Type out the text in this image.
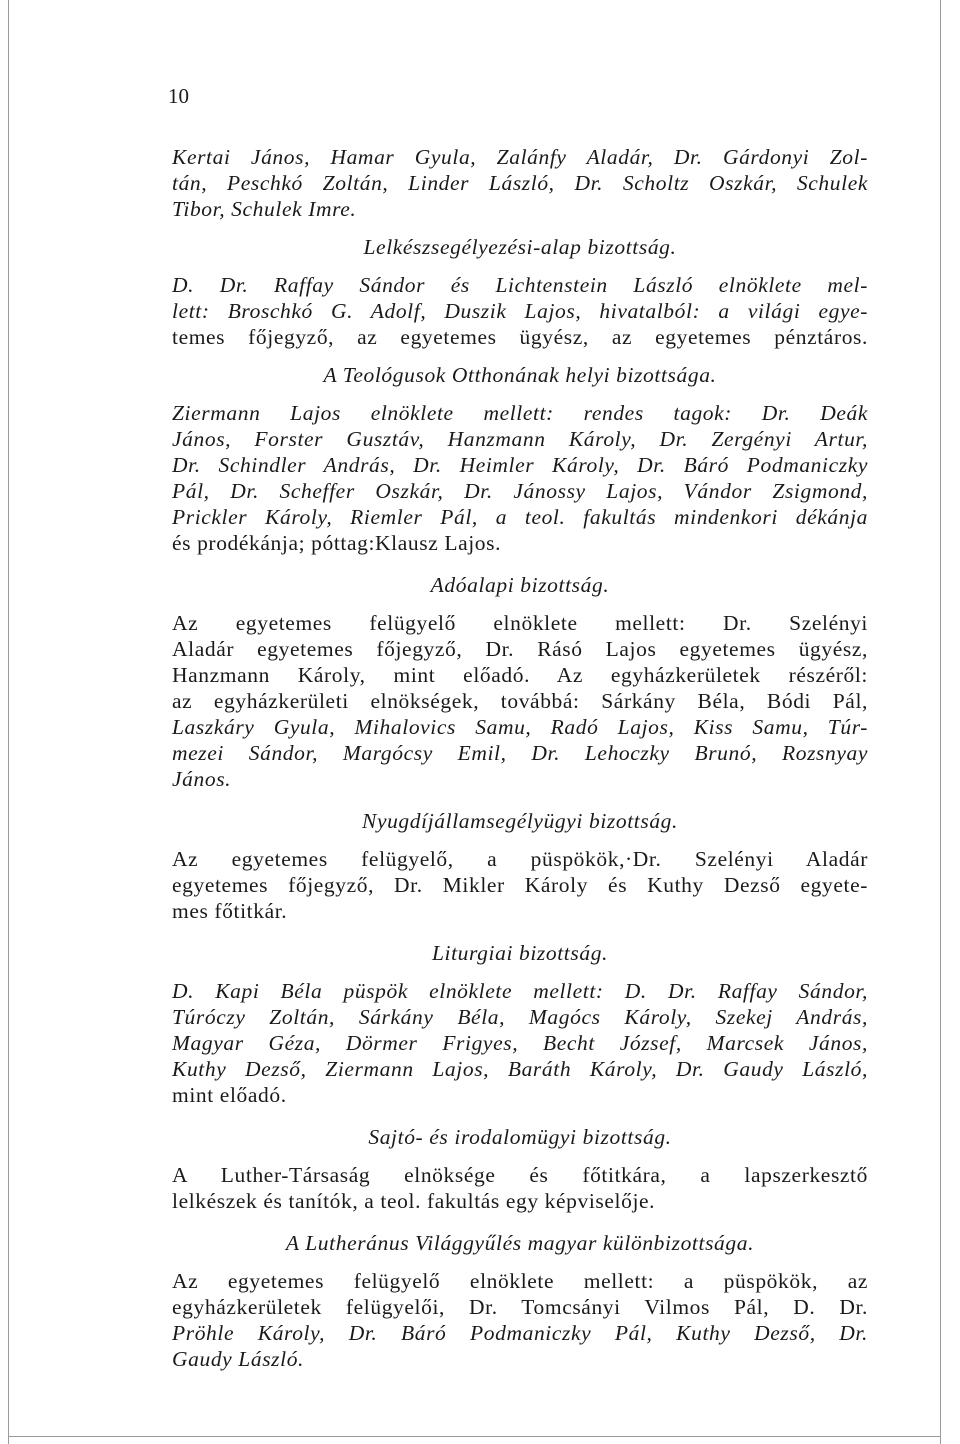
10
Kertai János, Hamar Gyula, Zalánfy Aladár, Dr. Gárdonyi Zol-
tán, Peschkó Zoltán, Linder László, Dr. Scholtz Oszkár, Schulek
Tibor, Schulek Imre.
Lelkészsegélyezési-alap bizottság.
D. Dr. Raffay Sándor és Lichtenstein László elnöklete mel-
lett: Broschkó G. Adolf, Duszik Lajos, hivatalból: a világi egye-
temes főjegyző, az egyetemes ügyész, az egyetemes pénztáros.
A Teológusok Otthonának helyi bizottsága.
Ziermann Lajos elnöklete mellett: rendes tagok: Dr. Deák
János, Forster Gusztáv, Hanzmann Károly, Dr. Zergényi Artur,
Dr. Schindler András, Dr. Heimler Károly, Dr. Báró Podmaniczky
Pál, Dr. Scheffer Oszkár, Dr. Jánossy Lajos, Vándor Zsigmond,
Prickler Károly, Riemler Pál, a teol. fakultás mindenkori dékánja
és prodékánja; póttag:Klausz Lajos.
Adóalapi bizottság.
Az egyetemes felügyelő elnöklete mellett: Dr. Szelényi
Aladár egyetemes főjegyző, Dr. Rásó Lajos egyetemes ügyész,
Hanzmann Károly, mint előadó. Az egyházkerületek részéről:
az egyházkerületi elnökségek, továbbá: Sárkány Béla, Bódi Pál,
Laszkáry Gyula, Mihalovics Samu, Radó Lajos, Kiss Samu, Túr-
mezei Sándor, Margócsy Emil, Dr. Lehoczky Brunó, Rozsnyay
János.
Nyugdíjállamsegélyügyi bizottság.
Az egyetemes felügyelő, a püspökök,·Dr. Szelényi Aladár
egyetemes főjegyző, Dr. Mikler Károly és Kuthy Dezső egyete-
mes főtitkár.
Liturgiai bizottság.
D. Kapi Béla püspök elnöklete mellett: D. Dr. Raffay Sándor,
Túróczy Zoltán, Sárkány Béla, Magócs Károly, Szekej András,
Magyar Géza, Dörmer Frigyes, Becht József, Marcsek János,
Kuthy Dezső, Ziermann Lajos, Baráth Károly, Dr. Gaudy László,
mint előadó.
Sajtó- és irodalomügyi bizottság.
A Luther-Társaság elnöksége és főtitkára, a lapszerkesztő
lelkészek és tanítók, a teol. fakultás egy képviselője.
A Lutheránus Világgyűlés magyar különbizottsága.
Az egyetemes felügyelő elnöklete mellett: a püspökök, az
egyházkerületek felügyelői, Dr. Tomcsányi Vilmos Pál, D. Dr.
Pröhle Károly, Dr. Báró Podmaniczky Pál, Kuthy Dezső, Dr.
Gaudy László.
